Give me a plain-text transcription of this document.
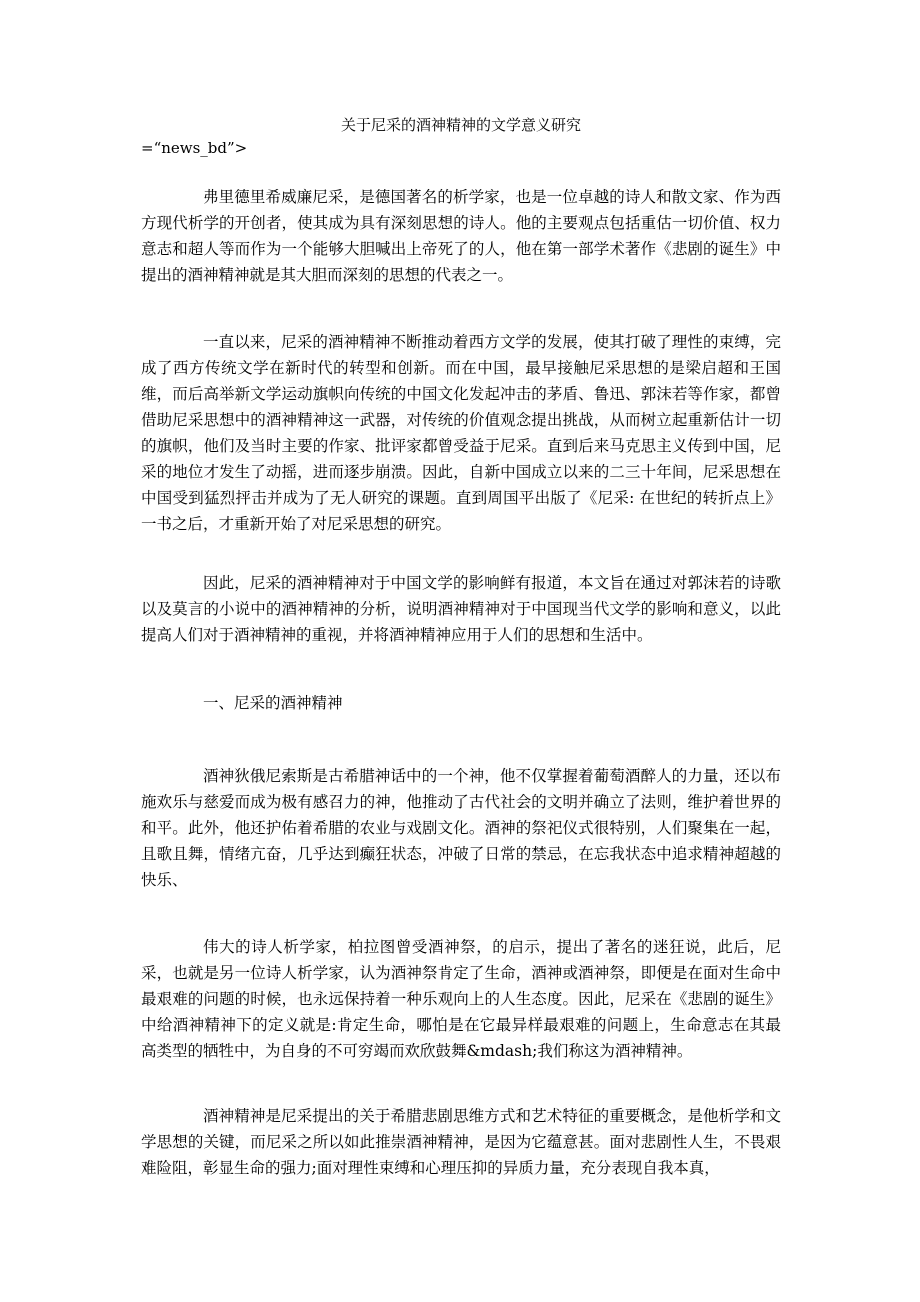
关于尼采的酒神精神的文学意义研究
=“news_bd”>

弗里德里希威廉尼采，是德国著名的析学家，也是一位卓越的诗人和散文家、作为西方现代析学的开创者，使其成为具有深刻思想的诗人。他的主要观点包括重估一切价值、权力意志和超人等而作为一个能够大胆喊出上帝死了的人，他在第一部学术著作《悲剧的诞生》中提出的酒神精神就是其大胆而深刻的思想的代表之一。

一直以来，尼采的酒神精神不断推动着西方文学的发展，使其打破了理性的束缚，完成了西方传统文学在新时代的转型和创新。而在中国，最早接触尼采思想的是梁启超和王国维，而后高举新文学运动旗帜向传统的中国文化发起冲击的茅盾、鲁迅、郭沫若等作家，都曾借助尼采思想中的酒神精神这一武器，对传统的价值观念提出挑战，从而树立起重新估计一切的旗帜，他们及当时主要的作家、批评家都曾受益于尼采。直到后来马克思主义传到中国，尼采的地位才发生了动摇，进而逐步崩溃。因此，自新中国成立以来的二三十年间，尼采思想在中国受到猛烈抨击并成为了无人研究的课题。直到周国平出版了《尼采: 在世纪的转折点上》一书之后，才重新开始了对尼采思想的研究。

因此，尼采的酒神精神对于中国文学的影响鲜有报道，本文旨在通过对郭沫若的诗歌以及莫言的小说中的酒神精神的分析，说明酒神精神对于中国现当代文学的影响和意义，以此提高人们对于酒神精神的重视，并将酒神精神应用于人们的思想和生活中。

一、尼采的酒神精神

酒神狄俄尼索斯是古希腊神话中的一个神，他不仅掌握着葡萄酒醉人的力量，还以布施欢乐与慈爱而成为极有感召力的神，他推动了古代社会的文明并确立了法则，维护着世界的和平。此外，他还护佑着希腊的农业与戏剧文化。酒神的祭祀仪式很特别，人们聚集在一起，且歌且舞，情绪亢奋，几乎达到癫狂状态，冲破了日常的禁忌，在忘我状态中追求精神超越的快乐、

伟大的诗人析学家，柏拉图曾受酒神祭，的启示，提出了著名的迷狂说，此后，尼采，也就是另一位诗人析学家，认为酒神祭肯定了生命，酒神或酒神祭，即便是在面对生命中最艰难的问题的时候，也永远保持着一种乐观向上的人生态度。因此，尼采在《悲剧的诞生》中给酒神精神下的定义就是:肯定生命，哪怕是在它最异样最艰难的问题上，生命意志在其最高类型的牺牲中，为自身的不可穷竭而欢欣鼓舞&mdash;我们称这为酒神精神。

酒神精神是尼采提出的关于希腊悲剧思维方式和艺术特征的重要概念，是他析学和文学思想的关键，而尼采之所以如此推崇酒神精神，是因为它蕴意甚。面对悲剧性人生，不畏艰难险阻，彰显生命的强力;面对理性束缚和心理压抑的异质力量，充分表现自我本真，
